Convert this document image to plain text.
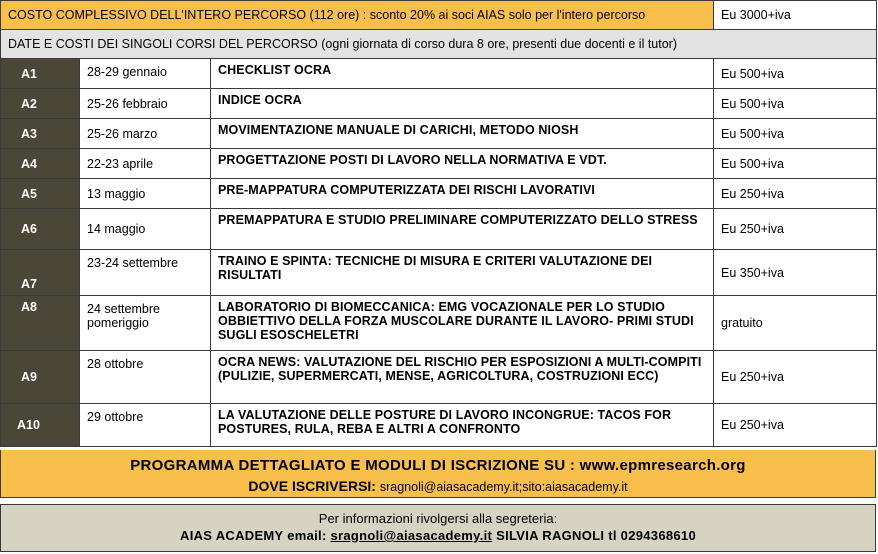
COSTO COMPLESSIVO DELL'INTERO PERCORSO (112 ore) : sconto 20% ai soci AIAS solo per l'intero percorso			Eu 3000+iva
DATE E COSTI DEI SINGOLI CORSI DEL PERCORSO (ogni giornata di corso dura 8 ore, presenti due docenti e il tutor)			
A1	28-29 gennaio	CHECKLIST OCRA	Eu 500+iva
A2	25-26 febbraio	INDICE OCRA	Eu 500+iva
A3	25-26 marzo	MOVIMENTAZIONE MANUALE DI CARICHI, METODO NIOSH	Eu 500+iva
A4	22-23 aprile	PROGETTAZIONE POSTI DI LAVORO NELLA NORMATIVA E VDT.	Eu 500+iva
A5	13 maggio	PRE-MAPPATURA COMPUTERIZZATA DEI RISCHI LAVORATIVI	Eu 250+iva
A6	14 maggio	PREMAPPATURA E STUDIO PRELIMINARE COMPUTERIZZATO DELLO STRESS	Eu 250+iva
A7	23-24 settembre	TRAINO E SPINTA: TECNICHE DI MISURA E CRITERI VALUTAZIONE DEI RISULTATI	Eu 350+iva
A8	24 settembre pomeriggio	LABORATORIO DI BIOMECCANICA: EMG VOCAZIONALE PER LO STUDIO OBBIETTIVO DELLA FORZA MUSCOLARE DURANTE IL LAVORO- PRIMI STUDI SUGLI ESOSCHELETRI	gratuito
A9	28 ottobre	OCRA NEWS: VALUTAZIONE DEL RISCHIO PER ESPOSIZIONI A MULTI-COMPITI (PULIZIE, SUPERMERCATI, MENSE, AGRICOLTURA, COSTRUZIONI ECC)	Eu 250+iva
A10	29 ottobre	LA VALUTAZIONE DELLE POSTURE DI LAVORO INCONGRUE: TACOS FOR POSTURES, RULA, REBA E ALTRI A CONFRONTO	Eu 250+iva
PROGRAMMA DETTAGLIATO E MODULI DI ISCRIZIONE SU : www.epmresearch.org
DOVE ISCRIVERSI: sragnoli@aiasacademy.it;sito:aiasacademy.it
Per informazioni rivolgersi alla segreteria:
AIAS ACADEMY email: sragnoli@aiasacademy.it SILVIA RAGNOLI tl 0294368610
